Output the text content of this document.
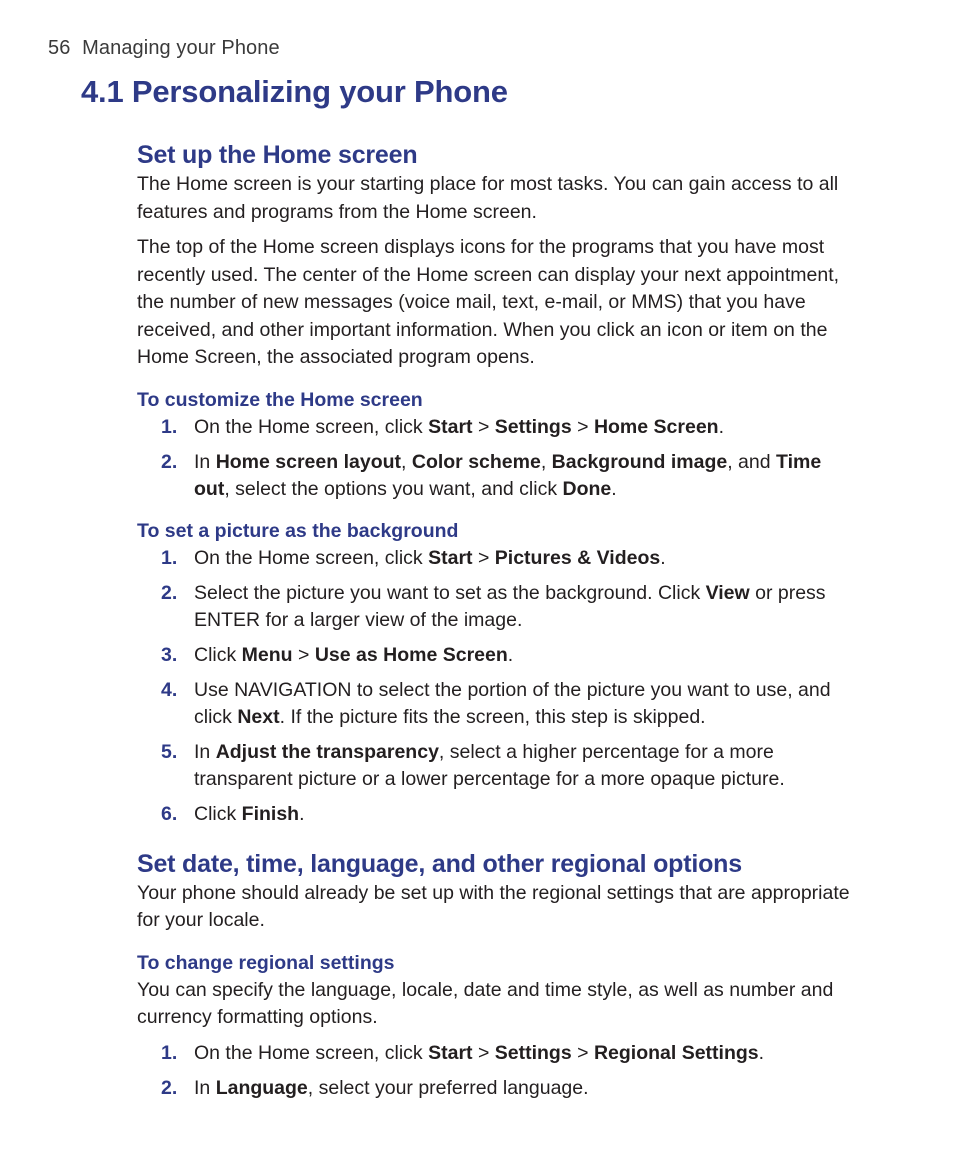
56 Managing your Phone
4.1 Personalizing your Phone
Set up the Home screen

The Home screen is your starting place for most tasks. You can gain access to all features and programs from the Home screen.

The top of the Home screen displays icons for the programs that you have most recently used. The center of the Home screen can display your next appointment, the number of new messages (voice mail, text, e-mail, or MMS) that you have received, and other important information. When you click an icon or item on the Home Screen, the associated program opens.

To customize the Home screen
1. On the Home screen, click Start > Settings > Home Screen.
2. In Home screen layout, Color scheme, Background image, and Time out, select the options you want, and click Done.
To set a picture as the background
1. On the Home screen, click Start > Pictures & Videos.
2. Select the picture you want to set as the background. Click View or press ENTER for a larger view of the image.
3. Click Menu > Use as Home Screen.
4. Use NAVIGATION to select the portion of the picture you want to use, and click Next. If the picture fits the screen, this step is skipped.
5. In Adjust the transparency, select a higher percentage for a more transparent picture or a lower percentage for a more opaque picture.
6. Click Finish.
Set date, time, language, and other regional options

Your phone should already be set up with the regional settings that are appropriate for your locale.

To change regional settings

You can specify the language, locale, date and time style, as well as number and currency formatting options.

1. On the Home screen, click Start > Settings > Regional Settings.
2. In Language, select your preferred language.
